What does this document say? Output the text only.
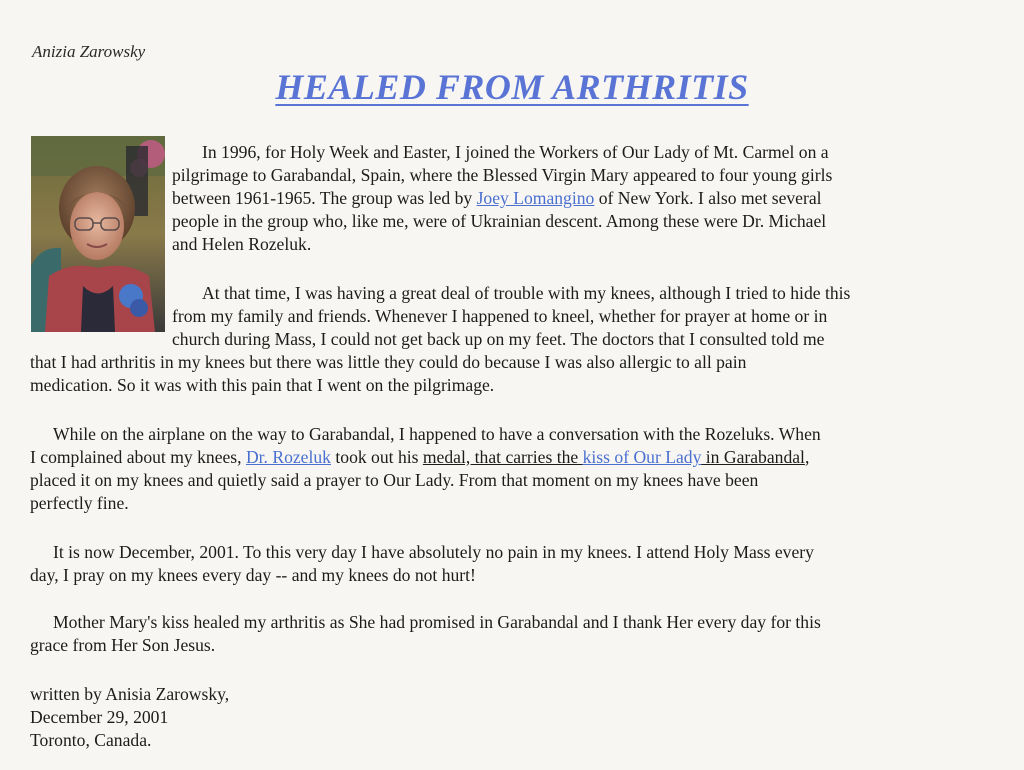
Anizia Zarowsky
HEALED FROM ARTHRITIS
In 1996, for Holy Week and Easter, I joined the Workers of Our Lady of Mt. Carmel on a
pilgrimage to Garabandal, Spain, where the Blessed Virgin Mary appeared to four young girls
between 1961-1965. The group was led by Joey Lomangino of New York. I also met several
people in the group who, like me, were of Ukrainian descent. Among these were Dr. Michael
and Helen Rozeluk.
At that time, I was having a great deal of trouble with my knees, although I tried to hide this
from my family and friends. Whenever I happened to kneel, whether for prayer at home or in
church during Mass, I could not get back up on my feet. The doctors that I consulted told me
that I had arthritis in my knees but there was little they could do because I was also allergic to all pain
medication. So it was with this pain that I went on the pilgrimage.
While on the airplane on the way to Garabandal, I happened to have a conversation with the Rozeluks. When
I complained about my knees, Dr. Rozeluk took out his medal, that carries the kiss of Our Lady in Garabandal,
placed it on my knees and quietly said a prayer to Our Lady. From that moment on my knees have been
perfectly fine.
It is now December, 2001. To this very day I have absolutely no pain in my knees. I attend Holy Mass every
day, I pray on my knees every day -- and my knees do not hurt!
Mother Mary's kiss healed my arthritis as She had promised in Garabandal and I thank Her every day for this
grace from Her Son Jesus.
written by Anisia Zarowsky,
December 29, 2001
Toronto, Canada.
